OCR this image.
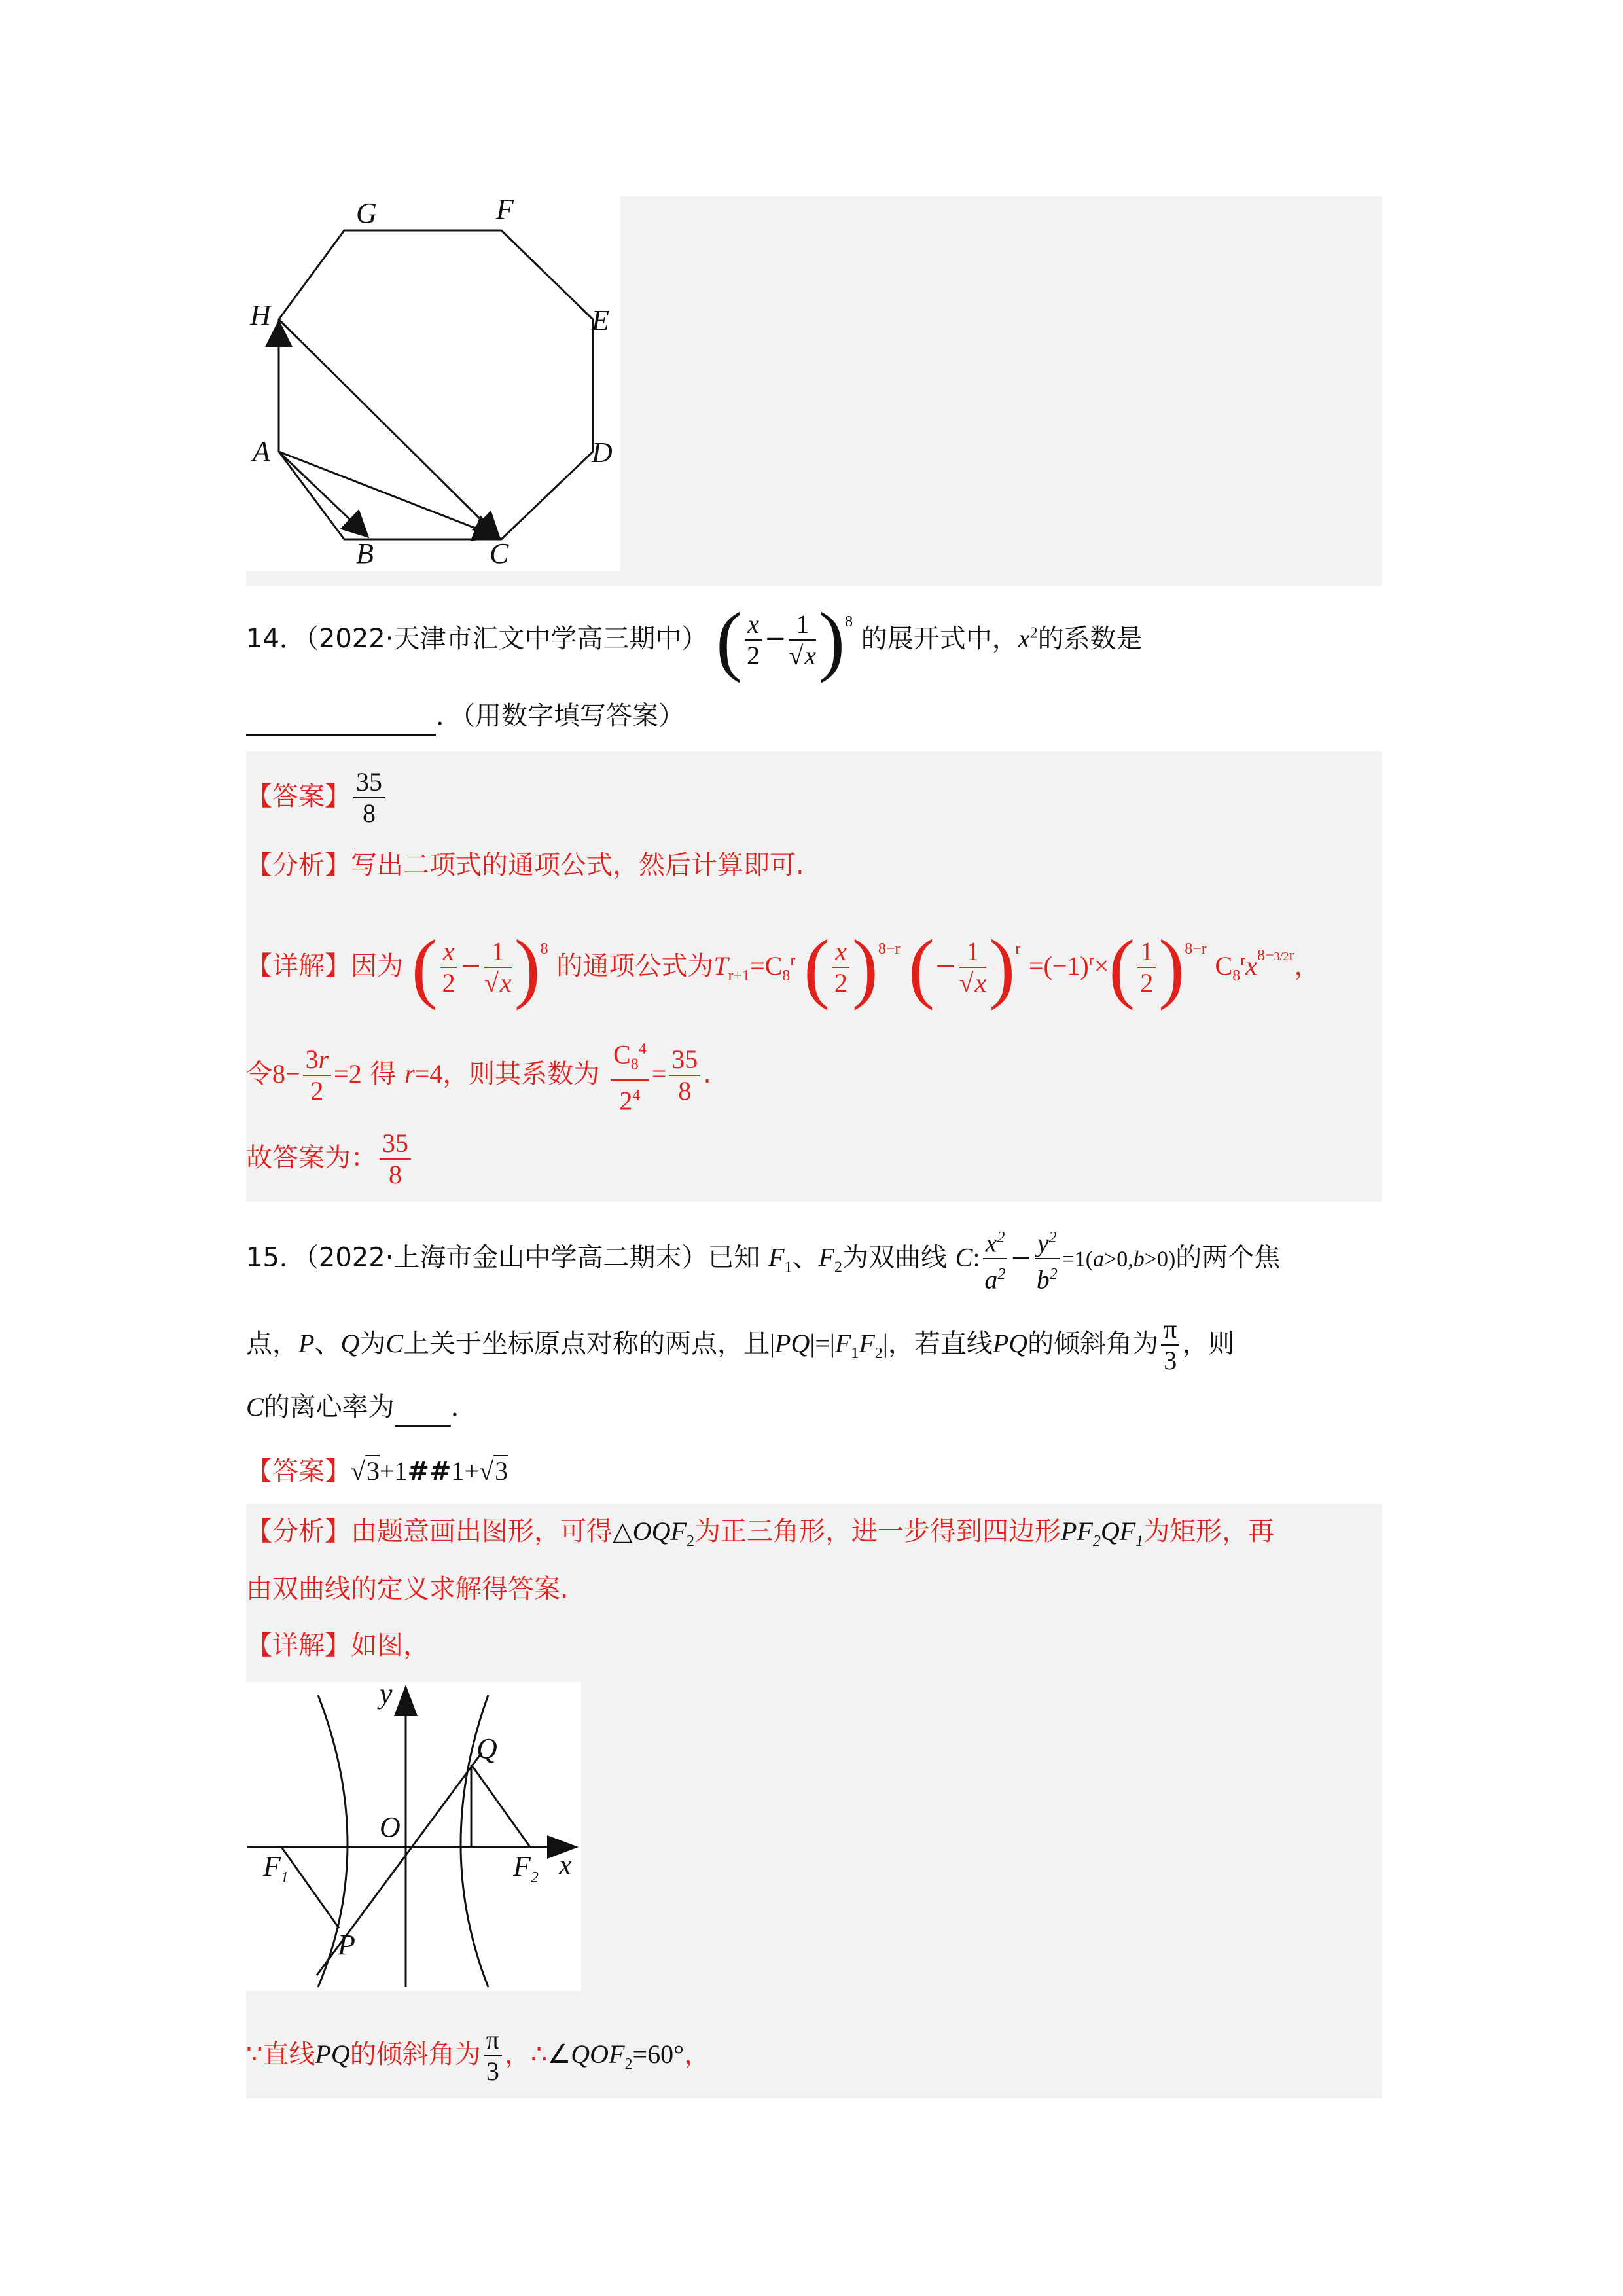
G	F
H	E
A	D
B	C
14．（2022·天津市汇文中学高三期中） ( $\frac{x}{2} - \frac{1}{√x} )^8$ 的展开式中，$x^2$的系数是
．（用数字填写答案）
【答案】 $\frac{35}{8}$
【分析】写出二项式的通项公式，然后计算即可.
【详解】因为 ( $\frac{x}{2} - \frac{1}{√x} )^8$ 的通项公式为$T_{r+1}=C_8^r$ ( $\frac{x}{2} )^{8-r}$ (− $\frac{1}{√x} )^r =(-1)^r\times( \frac{1}{2} )^{8-r}$ $C_8^rx^{8-3/2r}$，
令$8- \frac{3r}{2} =2$ 得 r=4，则其系数为 $\frac{C_8^4}{2^4} = \frac{35}{8}$ .
故答案为： $\frac{35}{8}$
15．（2022·上海市金山中学高二期末）已知 $F_1$、$F_2$为双曲线 C: $\frac{x^2}{a^2} - \frac{y^2}{b^2} =1(a>0,b>0)$的两个焦
点，P、Q为C上关于坐标原点对称的两点，且$|PQ|=|F_1F_2|$，若直线PQ的倾斜角为 $\frac{\pi}{3}$ ，则
C的离心率为 ．
【答案】√3+1##1+√3
【分析】由题意画出图形，可得$\triangle OQF_2$为正三角形，进一步得到四边形$PF_2QF_1$为矩形，再
由双曲线的定义求解得答案.
【详解】如图，
y
Q
O
$F_1$	$F_2$ x
P
∵直线PQ的倾斜角为 $\frac{\pi}{3}$ ，$\therefore\angle QOF_2=60^\circ$，
